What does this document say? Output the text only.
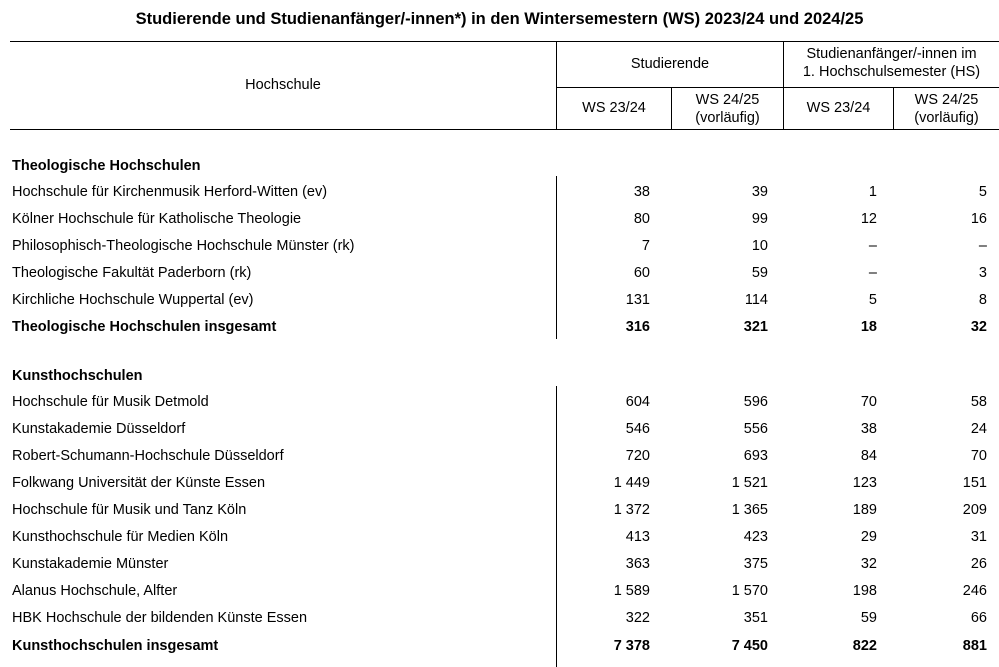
Studierende und Studienanfänger/-innen*) in den Wintersemestern (WS) 2023/24 und 2024/25
Hochschule
Studierende
Studienanfänger/-innen im
1. Hochschulsemester (HS)
WS 23/24	WS 24/25
(vorläufig)
WS 23/24	WS 24/25
(vorläufig)
Theologische Hochschulen
Hochschule für Kirchenmusik Herford-Witten (ev)	38	39	1	5
Kölner Hochschule für Katholische Theologie	80	99	12	16
Philosophisch-Theologische Hochschule Münster (rk)	7	10	–	–
Theologische Fakultät Paderborn (rk)	60	59	–	3
Kirchliche Hochschule Wuppertal (ev)	131	114	5	8
Theologische Hochschulen insgesamt	316	321	18	32
Kunsthochschulen
Hochschule für Musik Detmold	604	596	70	58
Kunstakademie Düsseldorf	546	556	38	24
Robert-Schumann-Hochschule Düsseldorf	720	693	84	70
Folkwang Universität der Künste Essen	1 449	1 521	123	151
Hochschule für Musik und Tanz Köln	1 372	1 365	189	209
Kunsthochschule für Medien Köln	413	423	29	31
Kunstakademie Münster	363	375	32	26
Alanus Hochschule, Alfter	1 589	1 570	198	246
HBK Hochschule der bildenden Künste Essen	322	351	59	66
Kunsthochschulen insgesamt	7 378	7 450	822	881
